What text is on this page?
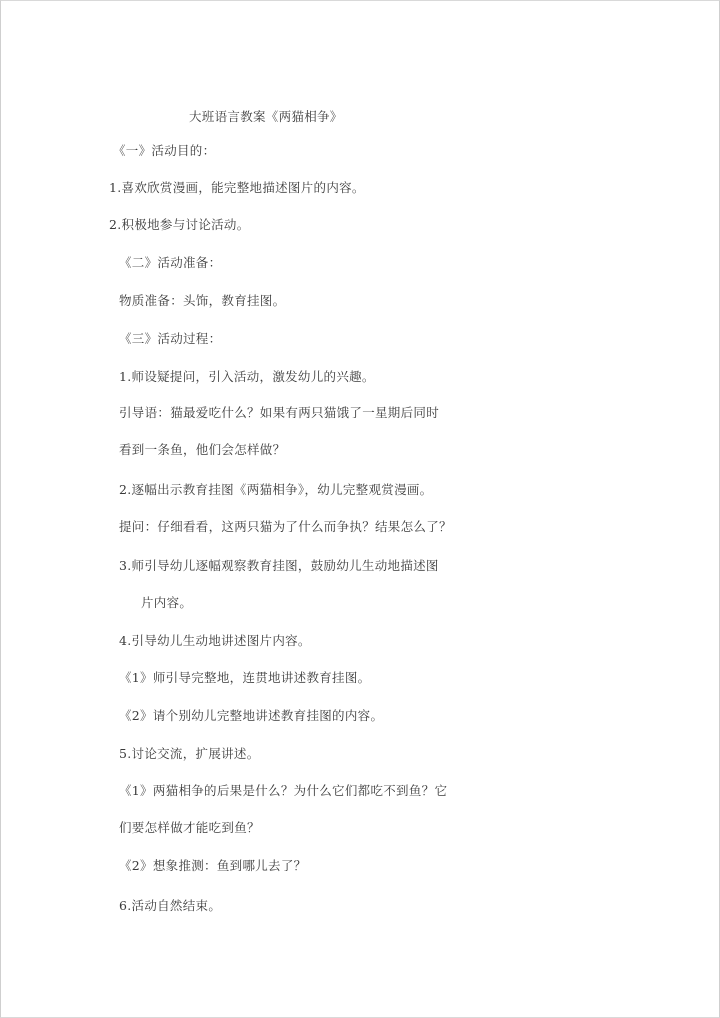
大班语言教案《两猫相争》
《一》活动目的：
1.喜欢欣赏漫画，能完整地描述图片的内容。
2.积极地参与讨论活动。
《二》活动准备：
物质准备：头饰，教育挂图。
《三》活动过程：
1.师设疑提问，引入活动，激发幼儿的兴趣。
引导语：猫最爱吃什么？如果有两只猫饿了一星期后同时
看到一条鱼，他们会怎样做？
2.逐幅出示教育挂图《两猫相争》，幼儿完整观赏漫画。
提问：仔细看看，这两只猫为了什么而争执？结果怎么了？
3.师引导幼儿逐幅观察教育挂图，鼓励幼儿生动地描述图
片内容。
4.引导幼儿生动地讲述图片内容。
《1》师引导完整地，连贯地讲述教育挂图。
《2》请个别幼儿完整地讲述教育挂图的内容。
5.讨论交流，扩展讲述。
《1》两猫相争的后果是什么？为什么它们都吃不到鱼？它
们要怎样做才能吃到鱼？
《2》想象推测：鱼到哪儿去了？
6.活动自然结束。
